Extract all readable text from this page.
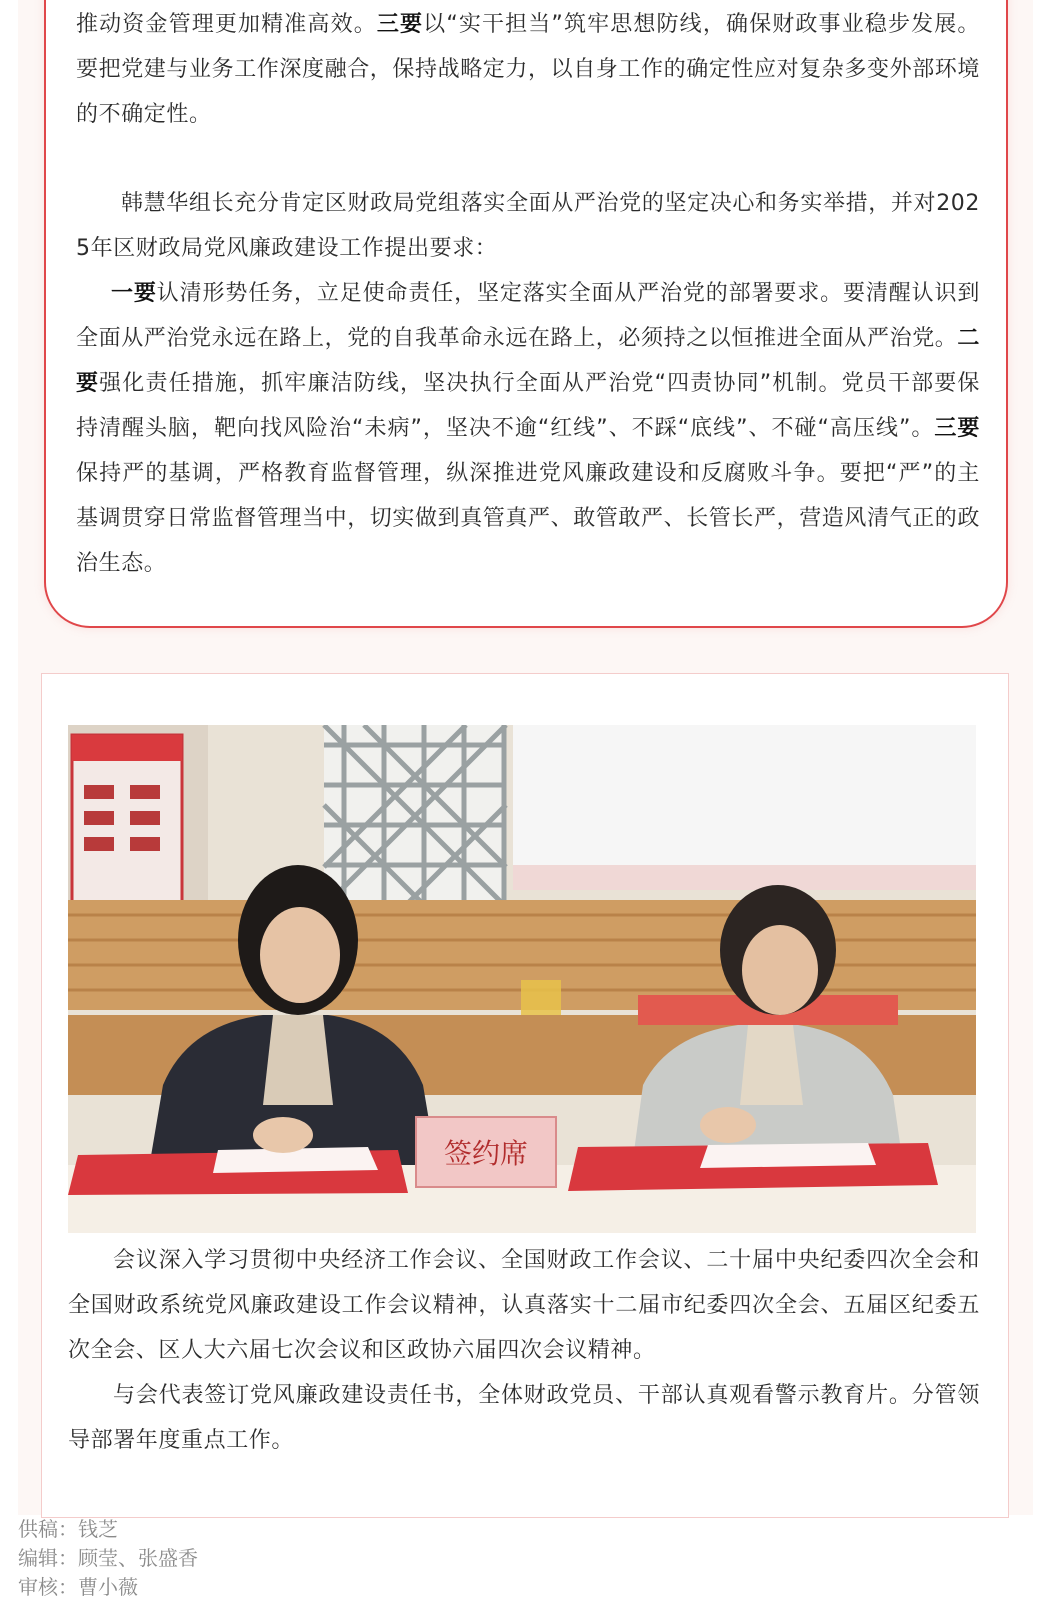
推动资金管理更加精准高效。三要以“实干担当”筑牢思想防线，确保财政事业稳步发展。要把党建与业务工作深度融合，保持战略定力，以自身工作的确定性应对复杂多变外部环境的不确定性。

韩慧华组长充分肯定区财政局党组落实全面从严治党的坚定决心和务实举措，并对2025年区财政局党风廉政建设工作提出要求：

一要认清形势任务，立足使命责任，坚定落实全面从严治党的部署要求。要清醒认识到全面从严治党永远在路上，党的自我革命永远在路上，必须持之以恒推进全面从严治党。二要强化责任措施，抓牢廉洁防线，坚决执行全面从严治党“四责协同”机制。党员干部要保持清醒头脑，靶向找风险治“未病”，坚决不逾“红线”、不踩“底线”、不碰“高压线”。三要保持严的基调，严格教育监督管理，纵深推进党风廉政建设和反腐败斗争。要把“严”的主基调贯穿日常监督管理当中，切实做到真管真严、敢管敢严、长管长严，营造风清气正的政治生态。

签约席

会议深入学习贯彻中央经济工作会议、全国财政工作会议、二十届中央纪委四次全会和全国财政系统党风廉政建设工作会议精神，认真落实十二届市纪委四次全会、五届区纪委五次全会、区人大六届七次会议和区政协六届四次会议精神。

与会代表签订党风廉政建设责任书，全体财政党员、干部认真观看警示教育片。分管领导部署年度重点工作。

供稿：钱芝
编辑：顾莹、张盛香
审核：曹小薇
